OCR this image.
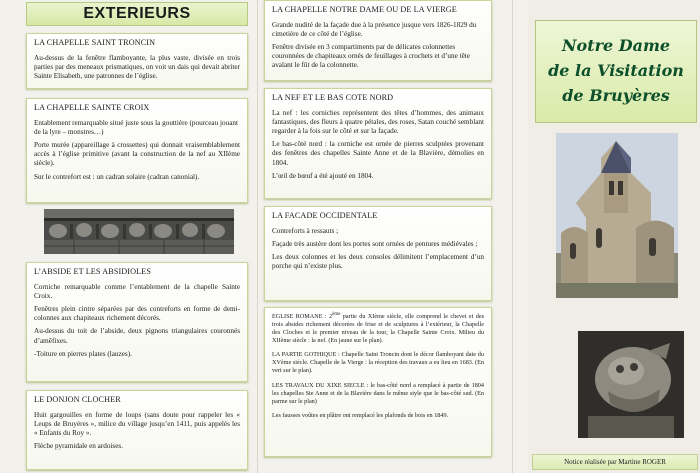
EXTERIEURS
LA CHAPELLE SAINT TRONCIN

Au-dessus de la fenêtre flamboyante, la plus vaste, divisée en trois parties par des meneaux prismatiques, on voit un dais qui devait abriter Sainte Elisabeth, une patronnes de l’église.

LA CHAPELLE SAINTE CROIX

Entablement remarquable situé juste sous la gouttière (pourceau jouant de la lyre – monstres…)

Porte murée (appareillage à crossettes) qui donnait vraisemblablement accès à l’église primitive (avant la construction de la nef au XIIème siècle).

Sur le contrefort est : un cadran solaire (cadran canonial).

L’ABSIDE ET LES ABSIDIOLES

Corniche remarquable comme l’entablement de la chapelle Sainte Croix.

Fenêtres plein cintre séparées par des contreforts en forme de demi-colonnes aux chapiteaux richement décorés.

Au-dessus du toit de l’abside, deux pignons triangulaires couronnés d’amêfixes.

-Toiture en pierres plates (lauzes).

LE DONJON CLOCHER

Huit gargouilles en forme de loups (sans doute pour rappeler les « Leups de Bruyères », milice du village jusqu’en 1411, puis appelés les « Enfants du Roy ».

Flèche pyramidale en ardoises.

LA CHAPELLE NOTRE DAME OU DE LA VIERGE

Grande nudité de la façade due à la présence jusque vers 1826-1829 du cimetière de ce côté de l’église.

Fenêtre divisée en 3 compartiments par de délicates colonnettes couronnées de chapiteaux ornés de feuillages à crochets et d’une tête avalant le fût de la colonnette.

LA NEF ET LE BAS COTE NORD

La nef : les corniches représentent des têtes d’hommes, des animaux fantastiques, des fleurs à quatre pétales, des roses, Satan couché semblant regarder à la fois sur le côté et sur la façade.

Le bas-côté nord : la corniche est ornée de pierres sculptées provenant des fenêtres des chapelles Sainte Anne et de la Blavière, démolies en 1804.

L’œil de bœuf a été ajouté en 1804.

LA FACADE OCCIDENTALE

Contreforts à ressauts ;

Façade très austère dont les portes sont ornées de pentures médiévales ;

Les deux colonnes et les deux consoles délimitent l’emplacement d’un porche qui n’existe plus.

EGLISE ROMANE : 2ème partie du XIème siècle, elle comprend le chevet et des trois absides richement décorées de frise et de sculptures à l’extérieur, la Chapelle des Cloches et le premier niveau de la tour, la Chapelle Sainte Croix. Milieu du XIIème siècle : la nef. (En jaune sur le plan).

LA PARTIE GOTHIQUE : Chapelle Saint Troncin dont le décor flamboyant date du XVème siècle. Chapelle de la Vierge : la réception des travaux a eu lieu en 1683. (En vert sur le plan).

LES TRAVAUX DU XIXE SIECLE : le bas-côté nord a remplacé à partie de 1804 les chapelles Ste Anne et de la Blavière dans le même style que le bas-côté sud. (En parme sur le plan)

Les fausses voûtes en plâtre ont remplacé les plafonds de bois en 1849.

Notre Dame
de la Visitation
de Bruyères
Notice réalisée par Martine ROGER
